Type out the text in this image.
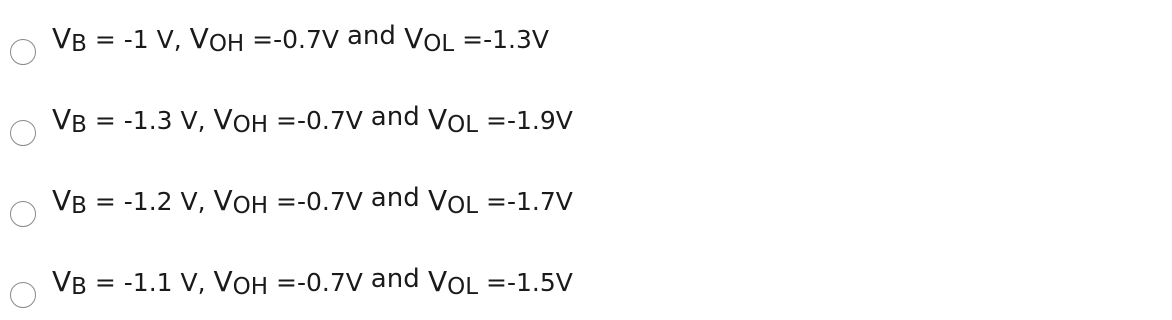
VB = -1 V, VOH =-0.7V and VOL =-1.3V
VB = -1.3 V, VOH =-0.7V and VOL =-1.9V
VB = -1.2 V, VOH =-0.7V and VOL =-1.7V
VB = -1.1 V, VOH =-0.7V and VOL =-1.5V
